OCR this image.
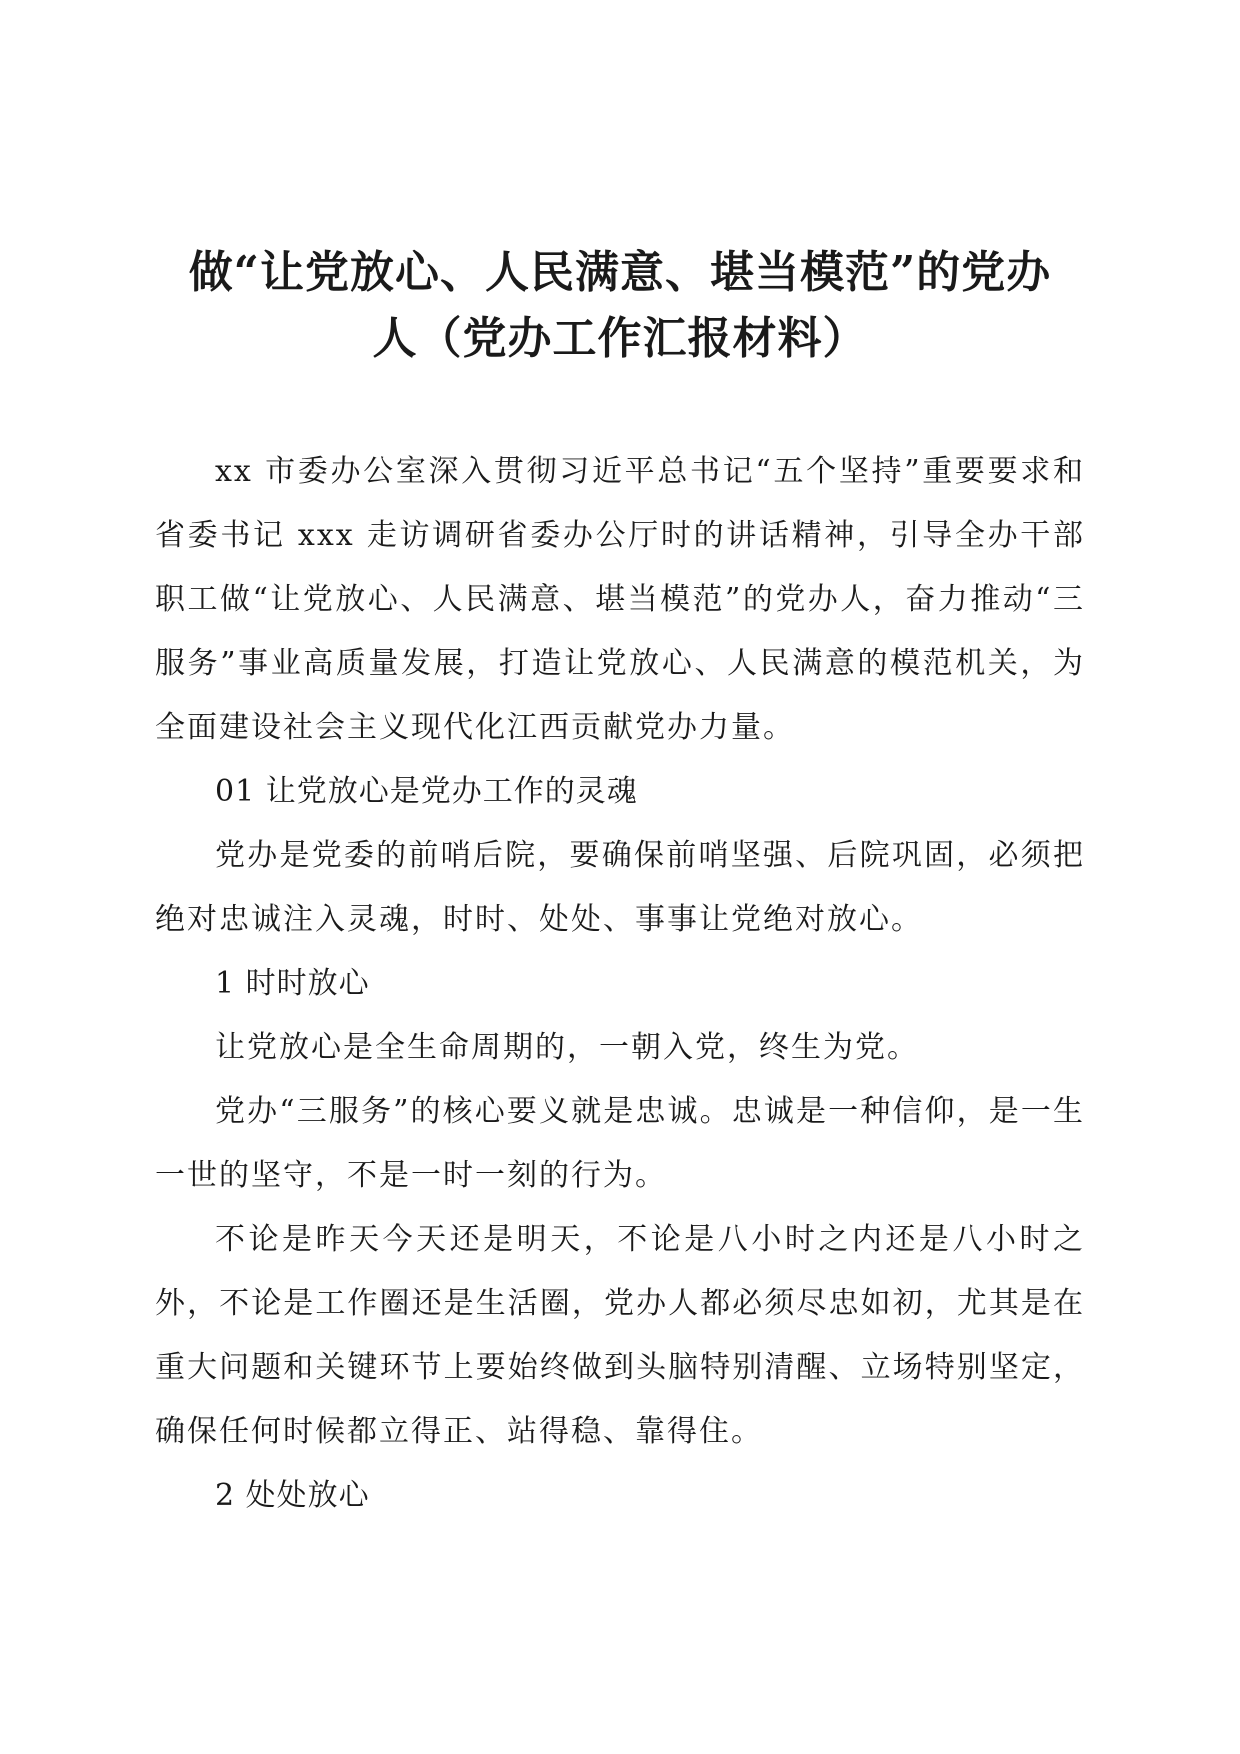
做“让党放心、人民满意、堪当模范”的党办
人（党办工作汇报材料）

xx 市委办公室深入贯彻习近平总书记“五个坚持”重要要求和省委书记 xxx 走访调研省委办公厅时的讲话精神，引导全办干部职工做“让党放心、人民满意、堪当模范”的党办人，奋力推动“三服务”事业高质量发展，打造让党放心、人民满意的模范机关，为全面建设社会主义现代化江西贡献党办力量。

01 让党放心是党办工作的灵魂

党办是党委的前哨后院，要确保前哨坚强、后院巩固，必须把绝对忠诚注入灵魂，时时、处处、事事让党绝对放心。

1 时时放心

让党放心是全生命周期的，一朝入党，终生为党。

党办“三服务”的核心要义就是忠诚。忠诚是一种信仰，是一生一世的坚守，不是一时一刻的行为。

不论是昨天今天还是明天，不论是八小时之内还是八小时之外，不论是工作圈还是生活圈，党办人都必须尽忠如初，尤其是在重大问题和关键环节上要始终做到头脑特别清醒、立场特别坚定，确保任何时候都立得正、站得稳、靠得住。

2 处处放心
